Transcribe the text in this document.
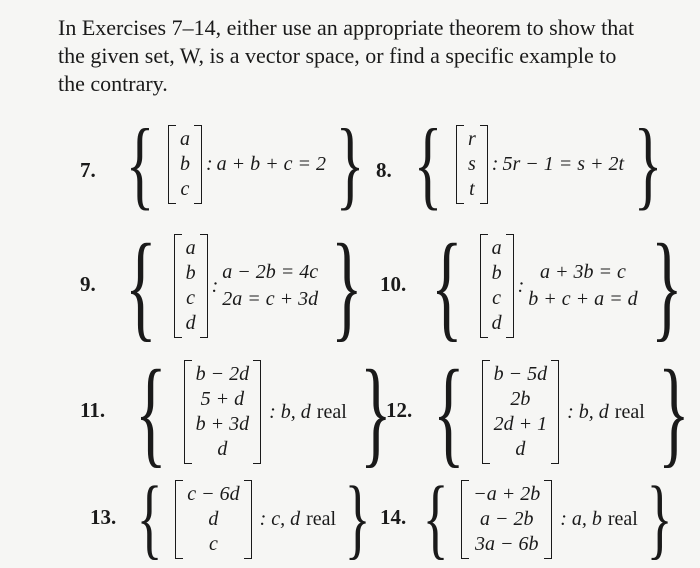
In Exercises 7–14, either use an appropriate theorem to show that

the given set, W, is a vector space, or find a specific example to

the contrary.

7. { a
b
c
: a + b + c = 2 } 8. { r
s
t
: 5r − 1 = s + 2t }
9. { a
b
c
d
:
a − 2b = 4c
2a = c + 3d } 10. { a
b
c
d
:
a + 3b = c
b + c + a = d }
11. { b − 2d
5 + d
b + 3d
d
: b, d real }
12. { b − 5d
2b
2d + 1
d
: b, d real }
13. { c − 6d
d
c
: c, d real } 14. { −a + 2b
a − 2b
3a − 6b
: a, b real }
